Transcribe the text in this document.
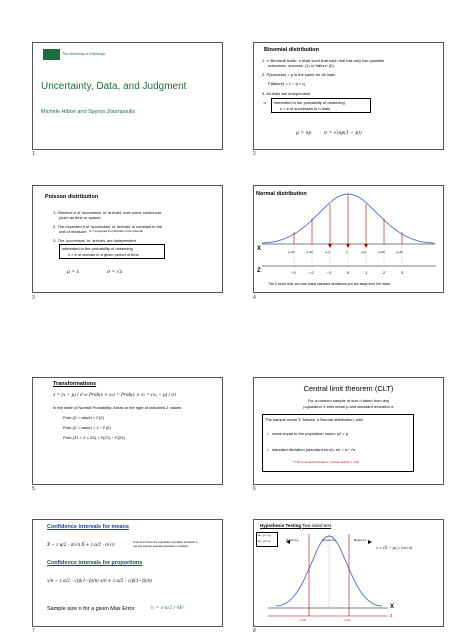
The University of Edinburgh
Uncertainty, Data, and Judgment
Michèle Hibon and Spyros Zoumpoulis
1
Binomial distribution
1. n 'Bernoulli trials': n trials such that each trial has only two possible
outcomes: 'success' (1) or 'failure' (0)
2. P(success) = p is the same for all trials
P(failure) = 1 − p = q
3. All trials are independent
⇒ interested in the probability of observing
x = # of successes in n trials
μ = np	σ = √(np(1 − p))
2
Poisson distribution
1. Observe # of 'successes' or 'arrivals' over some continuum
(such as time or space)
2. The expected # of 'successes' or 'arrivals' is constant in the
unit of measure (λ = expected # of arrivals in the interval)
3. The 'successes' or 'arrivals' are independent
interested in the probability of observing
x = # of arrivals in a given period of time
μ = λ	σ = √λ
3
Normal distribution
X
Z
μ−3σ	μ−2σ	μ−σ	μ	μ+σ	μ+2σ	μ+3σ
−3	−2	−1	0	1	2	3
The Z-score tells you how many standard deviations you are away from the mean
4
Transformations
z = (x − μ) / σ ⇒ Prob(x > x₁) = Prob(z > z₁ = (x₁ − μ) / σ)
In the table of Normal Probability: Areas to the right of indicated Z values
Prob (Z > value) = F(Z)
Prob (Z < value) = 1 − F(Z)
Prob (Z1 < Z < Z2) = F(Z1) − F(Z2)
5
Central limit theorem (CLT)
For a random sample of size n taken from any
population X with mean μ and standard deviation σ
The sample mean X̄ 'follows' a Normal distribution, with
• mean equal to the population mean: μx̄ = μ
• standard deviation (standard error): σx̄ = σ / √n
* This is an approximation: it works well for n ≥ 30
6
Confidence intervals for means
X̄ − z α/2 · σ/√n X̄ + z α/2 · σ/√n	If we don't know the population standard deviation σ,
use the sample standard deviation s instead
Confidence intervals for proportions
x/n − z α/2 · √(p̂(1−p̂)/n) x/n + z α/2 · √(p̂(1−p̂)/n)
Sample size n for a given Max Error	n = z²α/2 / 4E²
7
Hypothesis Testing Two-sided test
H₀: μ = μ₀
H₁: μ ≠ μ₀	Reject H₀	Accept H₀	Reject H₀
X
z
z crit	z crit
z = (X̄ − μ₀) / (σ/√n)
8
